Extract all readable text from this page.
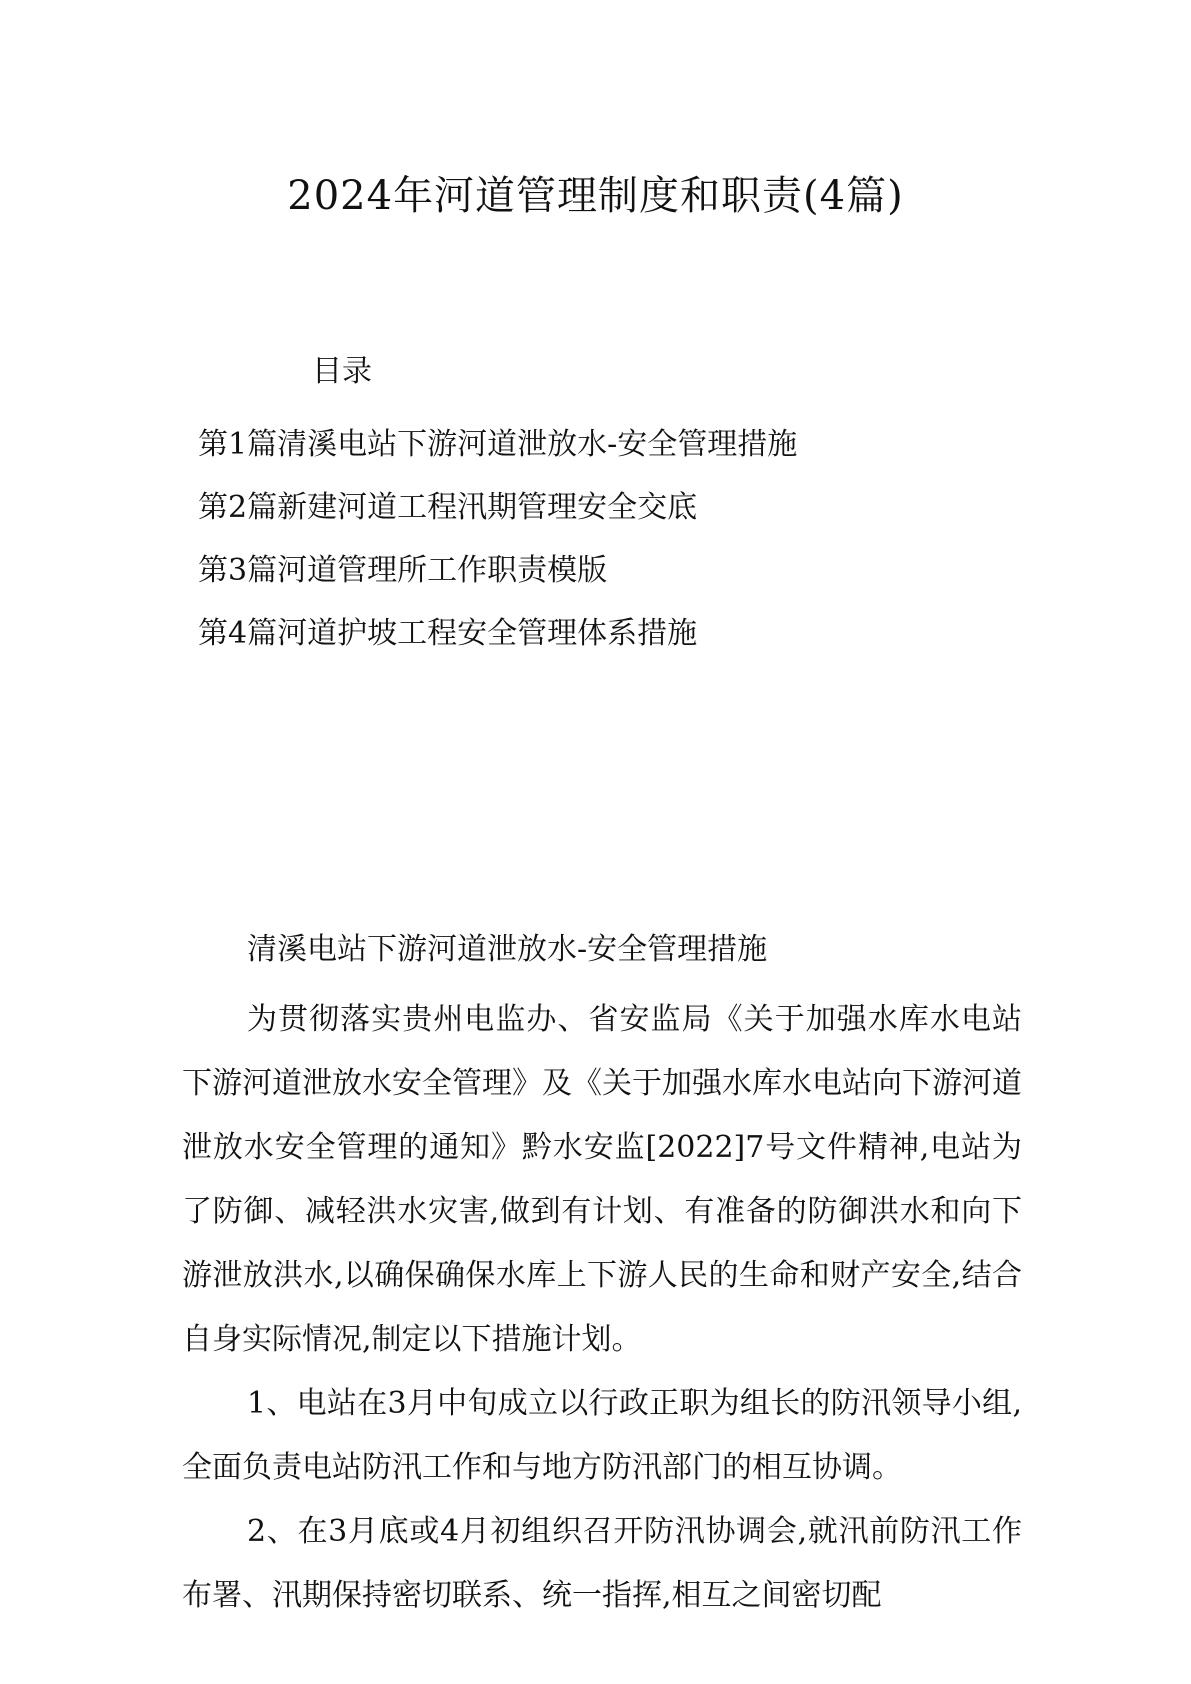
2024年河道管理制度和职责(4篇)
目录
第1篇清溪电站下游河道泄放水-安全管理措施
第2篇新建河道工程汛期管理安全交底
第3篇河道管理所工作职责模版
第4篇河道护坡工程安全管理体系措施
清溪电站下游河道泄放水-安全管理措施

为贯彻落实贵州电监办、省安监局《关于加强水库水电站下游河道泄放水安全管理》及《关于加强水库水电站向下游河道泄放水安全管理的通知》黔水安监[2022]7号文件精神,电站为了防御、减轻洪水灾害,做到有计划、有准备的防御洪水和向下游泄放洪水,以确保确保水库上下游人民的生命和财产安全,结合自身实际情况,制定以下措施计划。

1、电站在3月中旬成立以行政正职为组长的防汛领导小组,全面负责电站防汛工作和与地方防汛部门的相互协调。

2、在3月底或4月初组织召开防汛协调会,就汛前防汛工作布署、汛期保持密切联系、统一指挥,相互之间密切配
